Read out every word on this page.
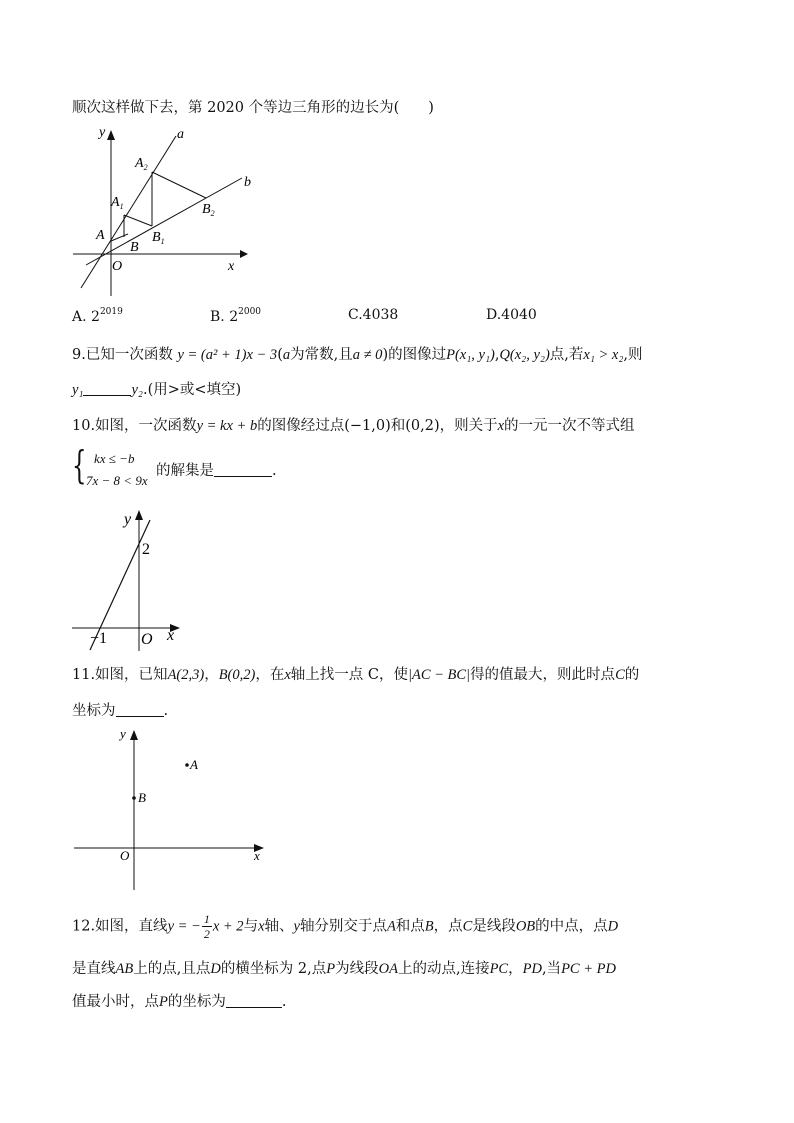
顺次这样做下去，第 2020 个等边三角形的边长为(　　)
y
x
a
b
O
A
B
$A_1$
$B_1$
$A_2$
$B_2$
A. $2^{2019}$	B. $2^{2000}$	C.4038	D.4040
9.已知一次函数 y = (a² + 1)x − 3(a为常数,且a ≠ 0)的图像过P(x₁, y₁),Q(x₂, y₂)点,若x₁ > x₂,则
y₁	y₂.(用>或<填空)
10.如图，一次函数y = kx + b的图像经过点(−1,0)和(0,2)，则关于x的一元一次不等式组
{ kx ≤ −b
7x − 8 < 9x
的解集是	.
y
x
2
−1 O
11.如图，已知A(2,3)，B(0,2)，在x轴上找一点 C，使|AC − BC|得的值最大，则此时点C的
坐标为	.
y
x
O
A
B
12.如图，直线y = − $\frac{1}{2}$ x + 2与x轴、y轴分别交于点A和点B，点C是线段OB的中点，点D
是直线AB上的点,且点D的横坐标为 2,点P为线段OA上的动点,连接PC，PD,当PC + PD
值最小时，点P的坐标为	.
